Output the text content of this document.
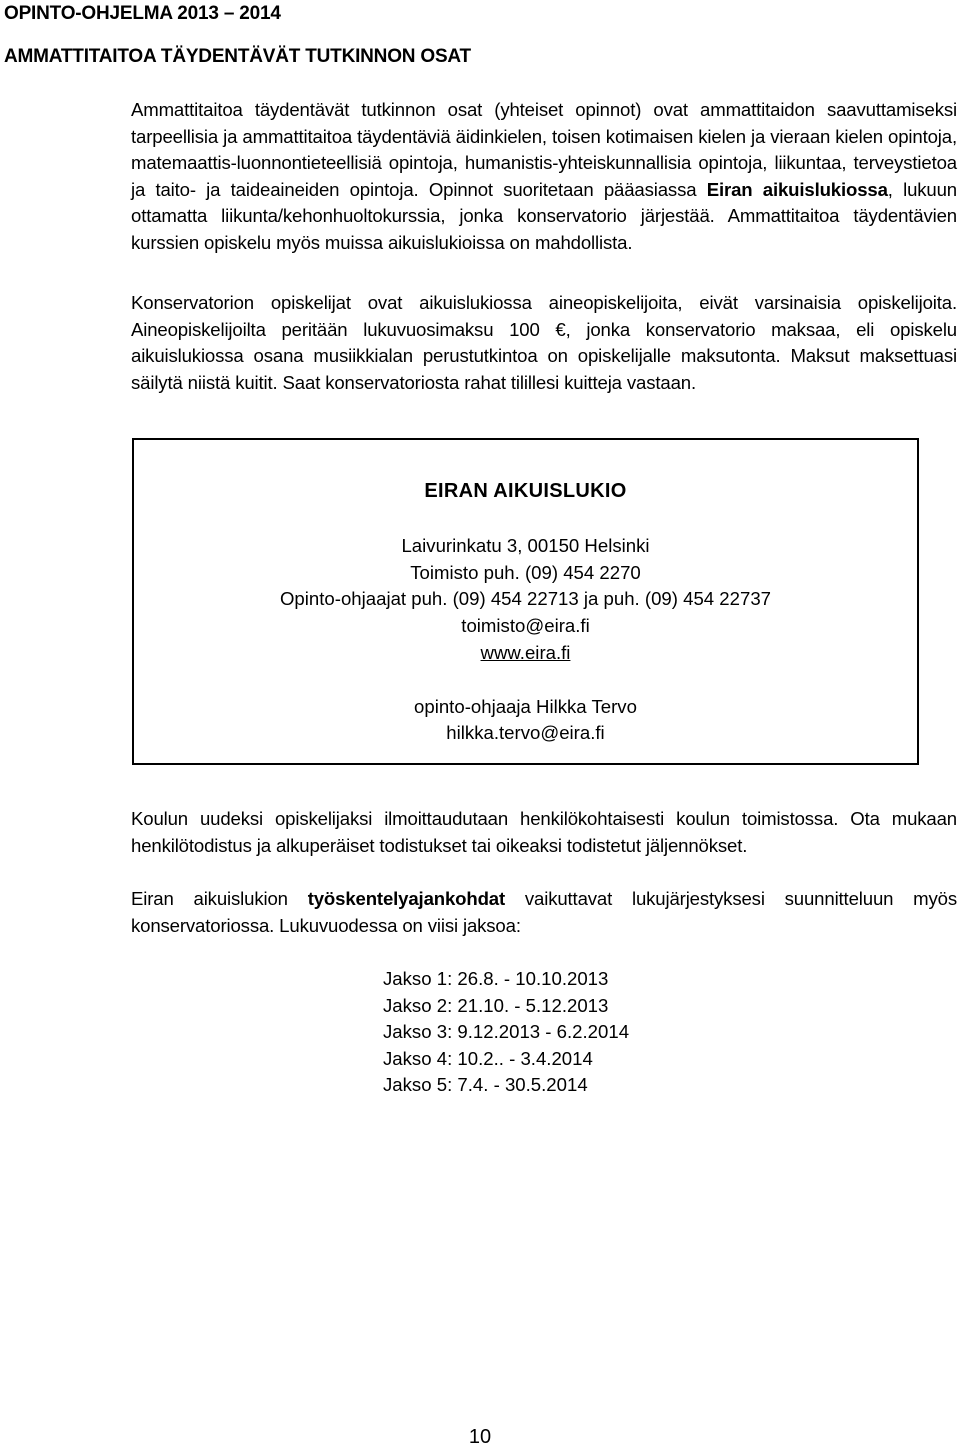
OPINTO-OHJELMA 2013 – 2014
AMMATTITAITOA TÄYDENTÄVÄT TUTKINNON OSAT
Ammattitaitoa täydentävät tutkinnon osat (yhteiset opinnot) ovat ammattitaidon saavuttamiseksi tarpeellisia ja ammattitaitoa täydentäviä äidinkielen, toisen kotimaisen kielen ja vieraan kielen opintoja, matemaattis-luonnontieteellisiä opintoja, humanistis-yhteiskunnallisia opintoja, liikuntaa, terveystietoa ja taito- ja taideaineiden opintoja. Opinnot suoritetaan pääasiassa Eiran aikuislukiossa, lukuun ottamatta liikunta/kehonhuoltokurssia, jonka konservatorio järjestää. Ammattitaitoa täydentävien kurssien opiskelu myös muissa aikuislukioissa on mahdollista.
Konservatorion opiskelijat ovat aikuislukiossa aineopiskelijoita, eivät varsinaisia opiskelijoita. Aineopiskelijoilta peritään lukuvuosimaksu 100 €, jonka konservatorio maksaa, eli opiskelu aikuislukiossa osana musiikkialan perustutkintoa on opiskelijalle maksutonta. Maksut maksettuasi säilytä niistä kuitit. Saat konservatoriosta rahat tilillesi kuitteja vastaan.
EIRAN AIKUISLUKIO
Laivurinkatu 3, 00150 Helsinki
Toimisto puh. (09) 454 2270
Opinto-ohjaajat puh. (09) 454 22713 ja puh. (09) 454 22737
toimisto@eira.fi
www.eira.fi
opinto-ohjaaja Hilkka Tervo
hilkka.tervo@eira.fi
Koulun uudeksi opiskelijaksi ilmoittaudutaan henkilökohtaisesti koulun toimistossa. Ota mukaan henkilötodistus ja alkuperäiset todistukset tai oikeaksi todistetut jäljennökset.
Eiran aikuislukion työskentelyajankohdat vaikuttavat lukujärjestyksesi suunnitteluun myös konservatoriossa. Lukuvuodessa on viisi jaksoa:
Jakso 1: 26.8. - 10.10.2013
Jakso 2: 21.10. - 5.12.2013
Jakso 3: 9.12.2013 - 6.2.2014
Jakso 4: 10.2.. - 3.4.2014
Jakso 5: 7.4. - 30.5.2014
10
